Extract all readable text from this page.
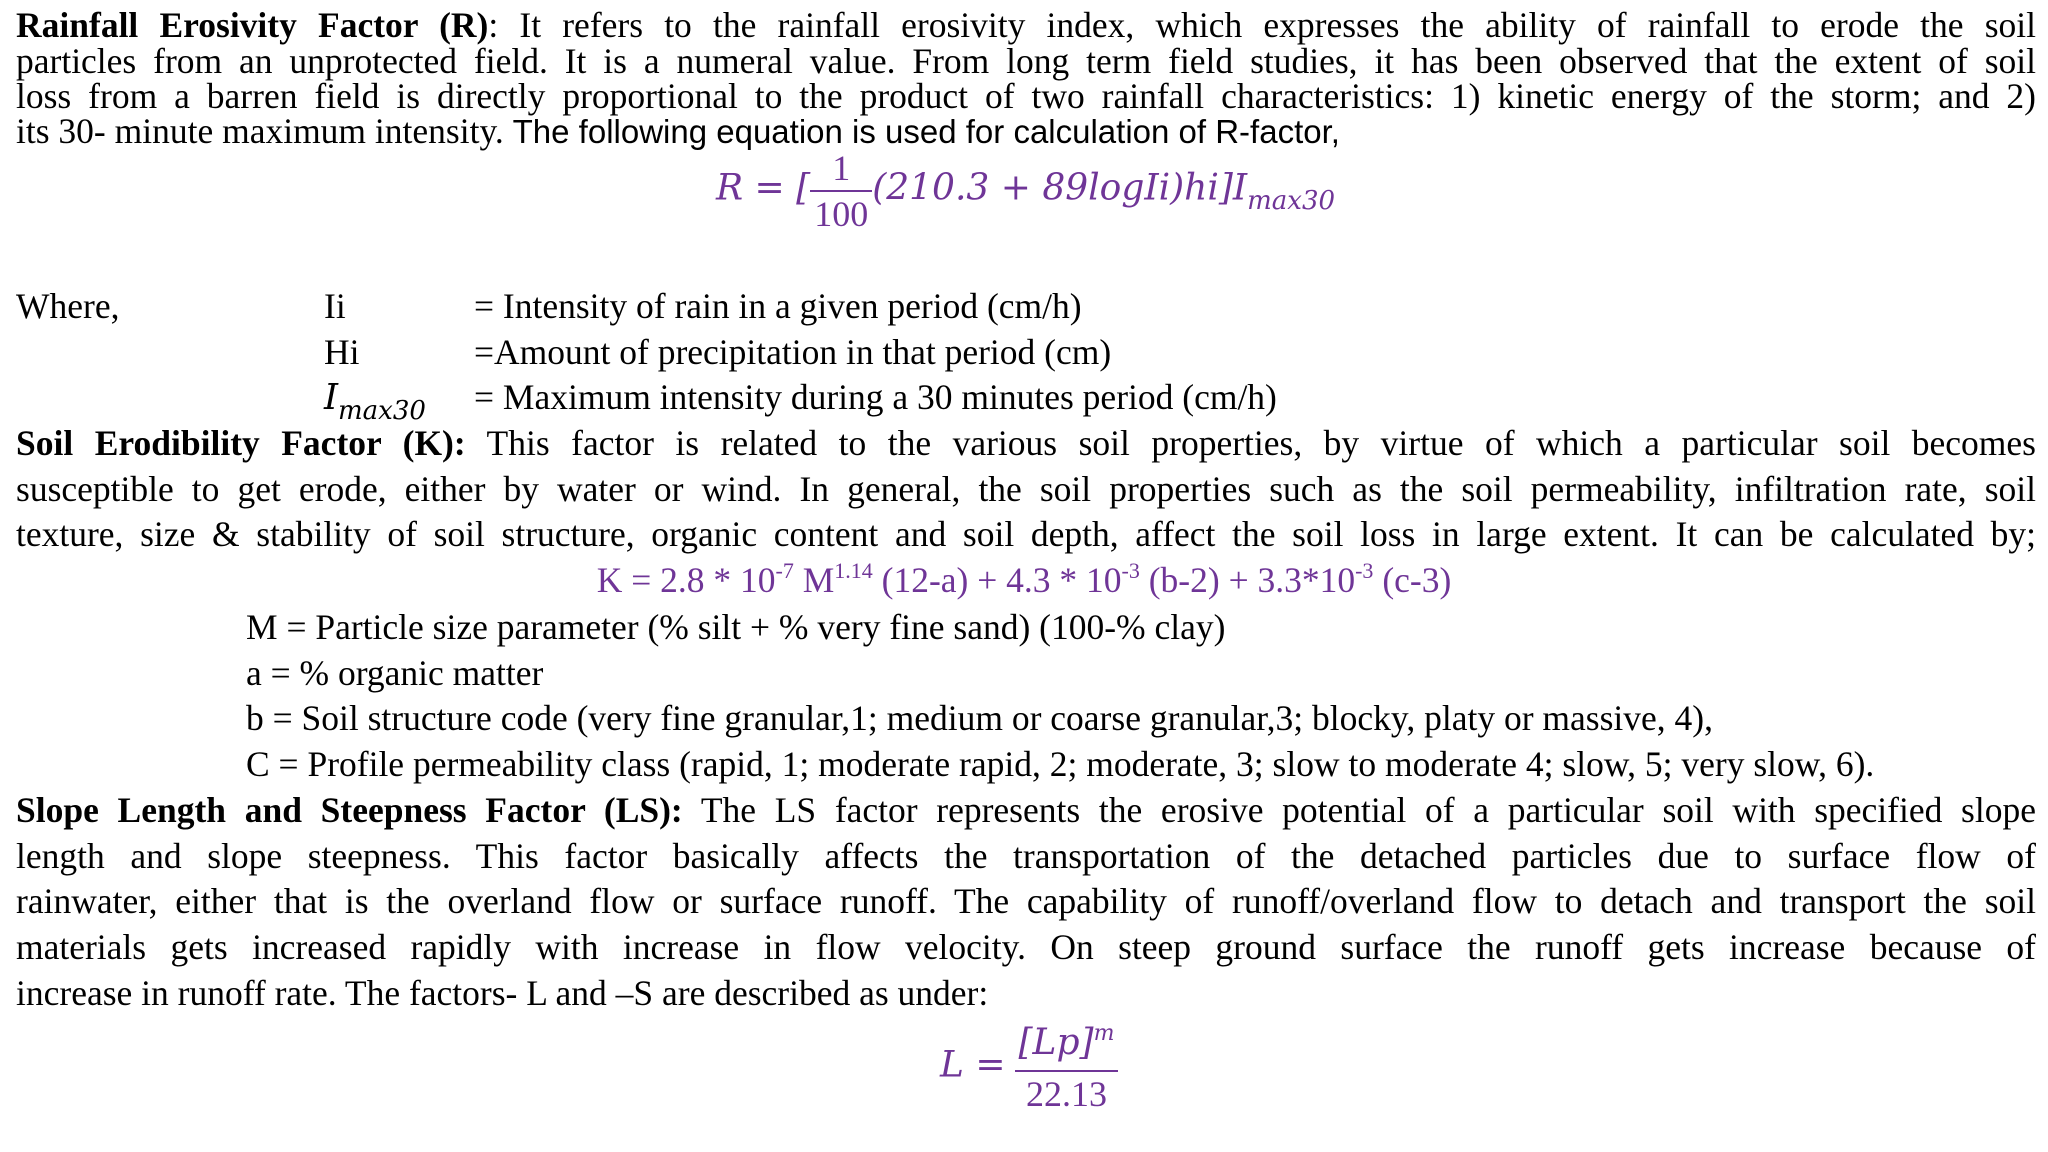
Rainfall Erosivity Factor (R): It refers to the rainfall erosivity index, which expresses the ability of rainfall to erode the soil
particles from an unprotected field. It is a numeral value. From long term field studies, it has been observed that the extent of soil
loss from a barren field is directly proportional to the product of two rainfall characteristics: 1) kinetic energy of the storm; and 2)
its 30- minute maximum intensity. The following equation is used for calculation of R-factor,
R = [ $\frac{1}{100} (210.3$ + $89logIi)hi]I_{max30}$
Where,	Ii	= Intensity of rain in a given period (cm/h)
Hi	=Amount of precipitation in that period (cm)
$I_{max30}$ = Maximum intensity during a 30 minutes period (cm/h)
Soil Erodibility Factor (K): This factor is related to the various soil properties, by virtue of which a particular soil becomes
susceptible to get erode, either by water or wind. In general, the soil properties such as the soil permeability, infiltration rate, soil
texture, size & stability of soil structure, organic content and soil depth, affect the soil loss in large extent. It can be calculated by;
$K = 2.8 * 10^{-7}$ $M^{1.14}$ $(12-a) + 4.3 * 10^{-3}$ $(b-2) + 3.3*10^{-3}$ (c-3)
M = Particle size parameter (% silt + % very fine sand) (100-% clay)
a = % organic matter
b = Soil structure code (very fine granular,1; medium or coarse granular,3; blocky, platy or massive, 4),
C = Profile permeability class (rapid, 1; moderate rapid, 2; moderate, 3; slow to moderate 4; slow, 5; very slow, 6).
Slope Length and Steepness Factor (LS): The LS factor represents the erosive potential of a particular soil with specified slope
length and slope steepness. This factor basically affects the transportation of the detached particles due to surface flow of
rainwater, either that is the overland flow or surface runoff. The capability of runoff/overland flow to detach and transport the soil
materials gets increased rapidly with increase in flow velocity. On steep ground surface the runoff gets increase because of
increase in runoff rate. The factors- L and –S are described as under:
$L = \frac{[Lp]^m}{22.13}$
